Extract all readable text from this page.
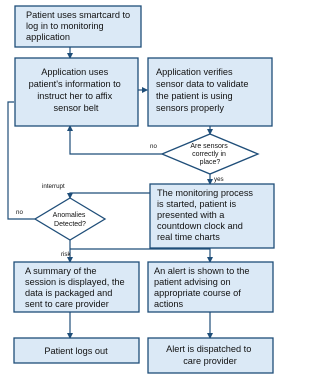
Patient uses smartcard to log in to monitoring application
Application uses patient's information to instruct her to affix sensor belt
Application verifies sensor data to validate the patient is using sensors properly
The monitoring process is started, patient is presented with a countdown clock and real time charts
A summary of the session is displayed, the data is packaged and sent to care provider
An alert is shown to the patient advising on appropriate course of actions
Patient logs out	Alert is dispatched to care provider
Are sensors correctly in place?
Anomalies Detected?
no
yes
interrupt
no
risk
